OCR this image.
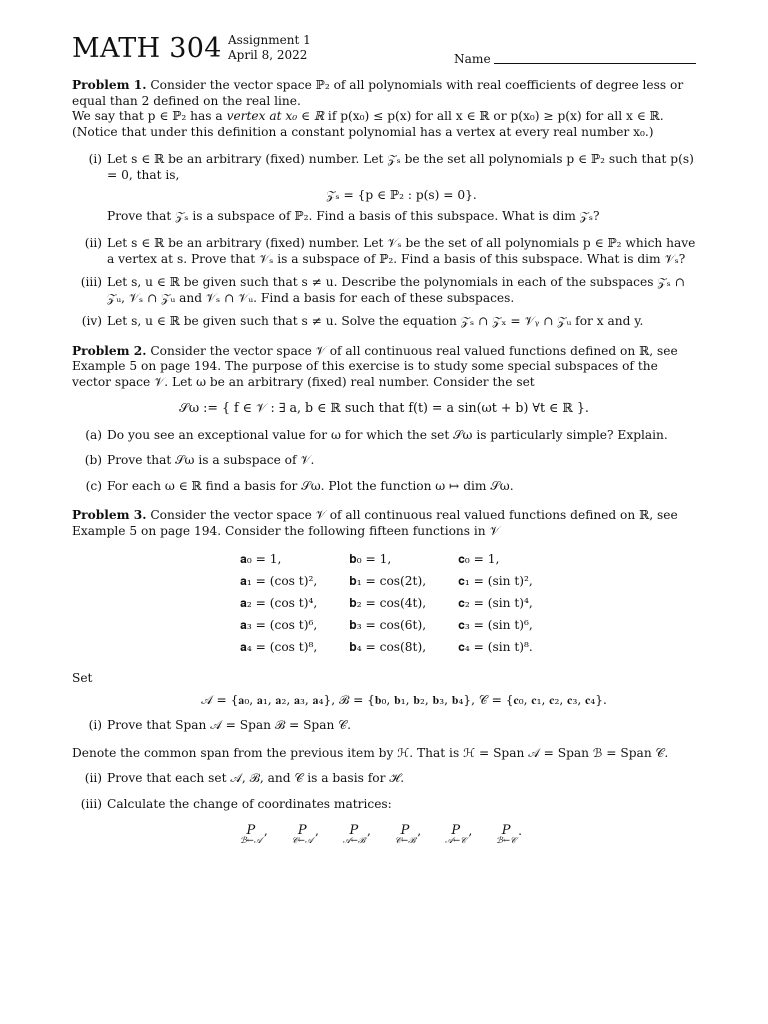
MATH 304 Assignment 1
April 8, 2022	Name

Problem 1. Consider the vector space ℙ₂ of all polynomials with real coefficients of degree less or equal than 2 defined on the real line.

We say that p ∈ ℙ₂ has a vertex at x₀ ∈ ℝ if p(x₀) ≤ p(x) for all x ∈ ℝ or p(x₀) ≥ p(x) for all x ∈ ℝ. (Notice that under this definition a constant polynomial has a vertex at every real number x₀.)

(i) Let s ∈ ℝ be an arbitrary (fixed) number. Let 𝒵ₛ be the set all polynomials p ∈ ℙ₂ such that p(s) = 0, that is,

𝒵ₛ = {p ∈ ℙ₂ : p(s) = 0}.

Prove that 𝒵ₛ is a subspace of ℙ₂. Find a basis of this subspace. What is dim 𝒵ₛ?

(ii) Let s ∈ ℝ be an arbitrary (fixed) number. Let 𝒱ₛ be the set of all polynomials p ∈ ℙ₂ which have a vertex at s. Prove that 𝒱ₛ is a subspace of ℙ₂. Find a basis of this subspace. What is dim 𝒱ₛ?

(iii) Let s, u ∈ ℝ be given such that s ≠ u. Describe the polynomials in each of the subspaces 𝒵ₛ ∩ 𝒵ᵤ, 𝒱ₛ ∩ 𝒵ᵤ and 𝒱ₛ ∩ 𝒱ᵤ. Find a basis for each of these subspaces.

(iv) Let s, u ∈ ℝ be given such that s ≠ u. Solve the equation 𝒵ₛ ∩ 𝒵ₓ = 𝒱ᵧ ∩ 𝒵ᵤ for x and y.

Problem 2. Consider the vector space 𝒱 of all continuous real valued functions defined on ℝ, see Example 5 on page 194. The purpose of this exercise is to study some special subspaces of the vector space 𝒱. Let ω be an arbitrary (fixed) real number. Consider the set

𝒮ω := { f ∈ 𝒱 : ∃ a, b ∈ ℝ such that f(t) = a sin(ωt + b) ∀t ∈ ℝ }.

(a) Do you see an exceptional value for ω for which the set 𝒮ω is particularly simple? Explain.

(b) Prove that 𝒮ω is a subspace of 𝒱.

(c) For each ω ∈ ℝ find a basis for 𝒮ω. Plot the function ω ↦ dim 𝒮ω.

Problem 3. Consider the vector space 𝒱 of all continuous real valued functions defined on ℝ, see Example 5 on page 194. Consider the following fifteen functions in 𝒱

𝐚₀ = 1,	𝐛₀ = 1,	𝐜₀ = 1,
𝐚₁ = (cos t)²,	𝐛₁ = cos(2t),	𝐜₁ = (sin t)²,
𝐚₂ = (cos t)⁴,	𝐛₂ = cos(4t),	𝐜₂ = (sin t)⁴,
𝐚₃ = (cos t)⁶,	𝐛₃ = cos(6t),	𝐜₃ = (sin t)⁶,
𝐚₄ = (cos t)⁸,	𝐛₄ = cos(8t),	𝐜₄ = (sin t)⁸.

Set

𝒜 = {𝐚₀, 𝐚₁, 𝐚₂, 𝐚₃, 𝐚₄}, ℬ = {𝐛₀, 𝐛₁, 𝐛₂, 𝐛₃, 𝐛₄}, 𝒞 = {𝐜₀, 𝐜₁, 𝐜₂, 𝐜₃, 𝐜₄}.

(i) Prove that Span 𝒜 = Span ℬ = Span 𝒞.

Denote the common span from the previous item by ℋ. That is ℋ = Span 𝒜 = Span ℬ = Span 𝒞.

(ii) Prove that each set 𝒜, ℬ, and 𝒞 is a basis for ℋ.

(iii) Calculate the change of coordinates matrices:

P
ℬ←𝒜
,	P
𝒞←𝒜
,	P
𝒜←ℬ
,	P
𝒞←ℬ
,	P
𝒜←𝒞
,	P
ℬ←𝒞
.
